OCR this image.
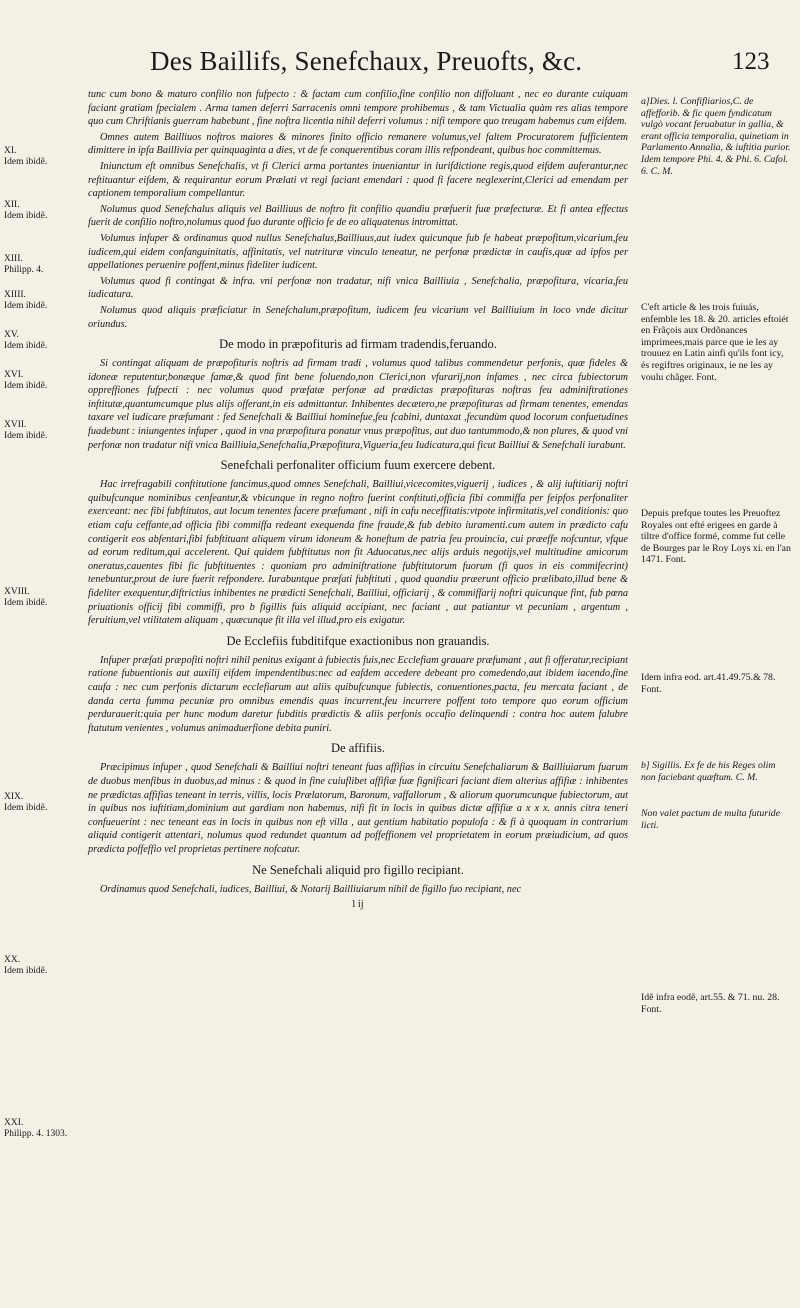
Des Baillifs, Senefchaux, Preuofts, &c.	123
XI.
Idem ibidẽ.
XII.
Idem ibidẽ.
XIII.
Philipp. 4.
XIIII.
Idem ibidẽ.
XV.
Idem ibidẽ.
XVI.
Idem ibidẽ.
XVII.
Idem ibidẽ.
XVIII.
Idem ibidẽ.
XIX.
Idem ibidẽ.
XX.
Idem ibidẽ.
XXI.
Philipp. 4. 1303.

tunc cum bono & maturo confilio non fufpecto : & factam cum confilio,fine confilio non diffoluant , nec eo durante cuiquam faciant gratiam fpecialem . Arma tamen deferri Sarracenis omni tempore prohibemus , & tam Victualia quàm res alias tempore quo cum Chriftianis guerram habebunt , fine noftra licentia nihil deferri volumus : nifi tempore quo treugam habemus cum eifdem.

Omnes autem Bailliuos noftros maiores & minores finito officio remanere volumus,vel faltem Procuratorem fufficientem dimittere in ipfa Baillivia per quinquaginta a dies, vt de fe conquerentibus coram illis refpondeant, quibus hoc committemus.

Iniunctum eft omnibus Senefchalis, vt fi Clerici arma portantes inueniantur in iurifdictione regis,quod eifdem auferantur,nec reftituantur eifdem, & requirantur eorum Prælati vt regi faciant emendari : quod fi facere neglexerint,Clerici ad emendam per captionem temporalium compellantur.

Nolumus quod Senefchalus aliquis vel Bailliuus de noftro fit confilio quandiu præfuerit fuæ præfecturæ. Et fi antea effectus fuerit de confilio noftro,nolumus quod fuo durante officio fe de eo aliquatenus intromittat.

Volumus infuper & ordinamus quod nullus Senefchalus,Bailliuus,aut iudex quicunque fub fe habeat præpofitum,vicarium,feu iudicem,qui eidem confanguinitatis, affinitatis, vel nutrituræ vinculo teneatur, ne perfonæ prædictæ in caufis,quæ ad ipfos per appellationes peruenire poffent,minus fideliter iudicent.

Volumus quod fi contingat & infra. vni perfonæ non tradatur, nifi vnica Bailliuia , Senefchalia, præpofitura, vicaria,feu iudicatura.

Nolumus quod aliquis præficiatur in Senefchalum,præpofitum, iudicem feu vicarium vel Bailliuium in loco vnde dicitur oriundus.

De modo in præpofituris ad firmam tradendis,feruando.

Si contingat aliquam de præpofituris noftris ad firmam tradi , volumus quod talibus commendetur perfonis, quæ fideles & idoneæ reputentur,bonæque famæ,& quod fint bene foluendo,non Clerici,non vfurarij,non infames , nec circa fubiectorum oppreffiones fufpecti : nec volumus quod præfatæ perfonæ ad prædictas præpofituras noftras feu adminiftrationes inftitutæ,quantumcumque plus alijs offerant,in eis admittantur. Inhibentes decætero,ne præpofituras ad firmam tenentes, emendas taxare vel iudicare præfumant : fed Senefchali & Bailliui hominefue,feu fcabini, duntaxat ,fecundùm quod locorum confuetudines fuadebunt : iniungentes infuper , quod in vna præpofitura ponatur vnus præpofitus, aut duo tantummodo,& non plures, & quod vni perfonæ non tradatur nifi vnica Bailliuia,Senefchalia,Præpofitura,Vigueria,feu Iudicatura,qui ficut Bailliui & Senefchali iurabunt.

Senefchali perfonaliter officium fuum exercere debent.

Hac irrefragabili conftitutione fancimus,quod omnes Senefchali, Bailliui,vicecomites,viguerij , iudices , & alij iuftitiarij noftri quibufcunque nominibus cenfeantur,& vbicunque in regno noftro fuerint conftituti,officia fibi commiffa per feipfos perfonaliter exerceant: nec fibi fubftitutos, aut locum tenentes facere præfumant , nifi in cafu neceffitatis:vtpote infirmitatis,vel conditionis: quo etiam cafu ceffante,ad officia fibi commiffa redeant exequenda fine fraude,& fub debito iuramenti.cum autem in prædicto cafu contigerit eos abfentari,fibi fubftituant aliquem virum idoneum & honeftum de patria feu prouincia, cui præeffe nofcuntur, vfque ad eorum reditum,qui accelerent. Qui quidem fubftitutus non fit Aduocatus,nec alijs arduis negotijs,vel multitudine amicorum oneratus,cauentes fibi fic fubftituentes : quoniam pro adminiftratione fubftitutorum fuorum (fi quos in eis commifecrint) tenebuntur,prout de iure fuerit refpondere. Iurabuntque præfati fubftituti , quod quandiu præerunt officio prælibato,illud bene & fideliter exequentur,diftrictius inhibentes ne prædicti Senefchali, Bailliui, officiarij , & commiffarij noftri quicunque fint, fub pœna priuationis officij fibi commiffi, pro b figillis fuis aliquid accipiant, nec faciant , aut patiantur vt pecuniam , argentum , feruitium,vel vtilitatem aliquam , quæcunque fit illa vel illud,pro eis exigatur.

De Ecclefiis fubditifque exactionibus non grauandis.

Infuper præfati præpofiti noftri nihil penitus exigant à fubiectis fuis,nec Ecclefiam grauare præfumant , aut fi offeratur,recipiant ratione fubuentionis aut auxilij eifdem impendentibus:nec ad eafdem accedere debeant pro comedendo,aut ibidem iacendo,fine caufa : nec cum perfonis dictarum ecclefiarum aut aliis quibufcunque fubiectis, conuentiones,pacta, feu mercata faciant , de danda certa fumma pecuniæ pro omnibus emendis quas incurrent,feu incurrere poffent toto tempore quo eorum officium perdurauerit:quia per hunc modum daretur fubditis prædictis & aliis perfonis occafio delinquendi : contra hoc autem falubre ftatutum venientes , volumus animaduerfione debita puniri.

De affifiis.

Præcipimus infuper , quod Senefchali & Bailliui noftri teneant fuas affifias in circuitu Senefchaliarum & Bailliuiarum fuarum de duobus menfibus in duobus,ad minus : & quod in fine cuiuflibet affifiæ fuæ fignificari faciant diem alterius affifiæ : inhibentes ne prædictas affifias teneant in terris, villis, locis Prælatorum, Baronum, vaffallorum , & aliorum quorumcunque fubiectorum, aut in quibus nos iuftitiam,dominium aut gardiam non habemus, nifi fit in locis in quibus dictæ affifiæ a x x x. annis citra teneri confueuerint : nec teneant eas in locis in quibus non eft villa , aut gentium habitatio populofa : & fi à quoquam in contrarium aliquid contigerit attentari, nolumus quod redundet quantum ad poffeffionem vel proprietatem in eorum præiudicium, ad quos prædicta poffeffio vel proprietas pertinere nofcatur.

Ne Senefchali aliquid pro figillo recipiant.

Ordinamus quod Senefchali, iudices, Bailliui, & Notarij Bailliuiarum nihil de figillo fuo recipiant, nec

l ij
a]Dies. l. Confifliarios,C. de affefforib. & fic quem fyndicatum vulgò vocant feruabatur in gallia, & erant officia temporalia, quinetiam in Parlamento Annalia, & iuftitia purior. Idem tempore Phi. 4. & Phi. 6. Cafol. 6. C. M.
C'eft article & les trois fuiuás, enfemble les 18. & 20. articles eftoiét en Frãçois aux Ordõnances imprimees,mais parce que ie les ay trouuez en Latin ainfi qu'ils font icy, és regiftres originaux, ie ne les ay voulu chãger. Font.
Depuis prefque toutes les Preuoftez Royales ont efté erigees en garde à tiltre d'office formé, comme fut celle de Bourges par le Roy Loys xi. en l'an 1471. Font.
Idem infra eod. art.41.49.75.& 78. Font.
b] Sigillis. Ex fe de his Reges olim non faciebant quæftum. C. M.
Non valet pactum de multa futuride licti.
Idẽ infra eodẽ, art.55. & 71. nu. 28. Font.
